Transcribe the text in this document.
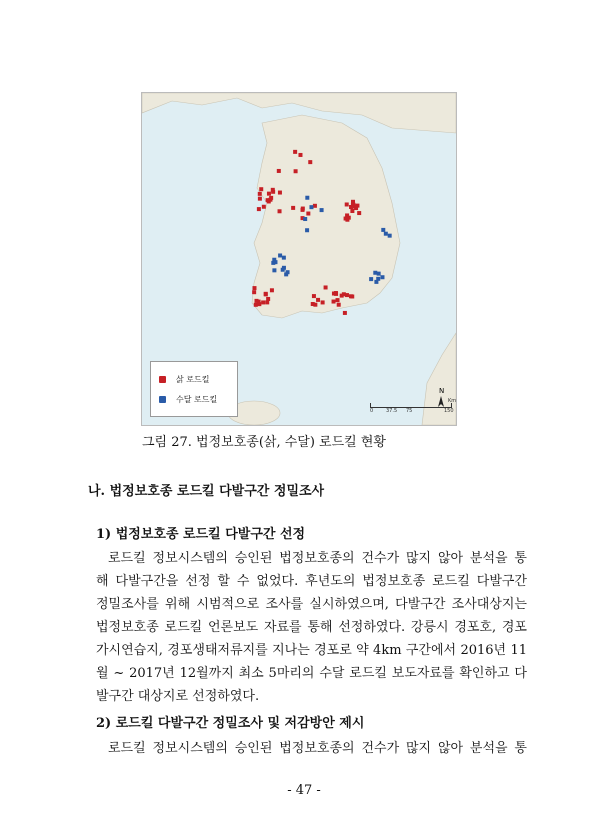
N
삵 로드킬
수달 로드킬
0	37.5 75	150
Km
그림 27. 법정보호종(삵, 수달) 로드킬 현황
나. 법정보호종 로드킬 다발구간 정밀조사
1) 법정보호종 로드킬 다발구간 선정
로드킬 정보시스템의 승인된 법정보호종의 건수가 많지 않아 분석을 통
해 다발구간을 선정 할 수 없었다. 후년도의 법정보호종 로드킬 다발구간
정밀조사를 위해 시범적으로 조사를 실시하였으며, 다발구간 조사대상지는
법정보호종 로드킬 언론보도 자료를 통해 선정하였다. 강릉시 경포호, 경포
가시연습지, 경포생태저류지를 지나는 경포로 약 4km 구간에서 2016년 11
월 ~ 2017년 12월까지 최소 5마리의 수달 로드킬 보도자료를 확인하고 다
발구간 대상지로 선정하였다.
2) 로드킬 다발구간 정밀조사 및 저감방안 제시
로드킬 정보시스템의 승인된 법정보호종의 건수가 많지 않아 분석을 통
- 47 -
